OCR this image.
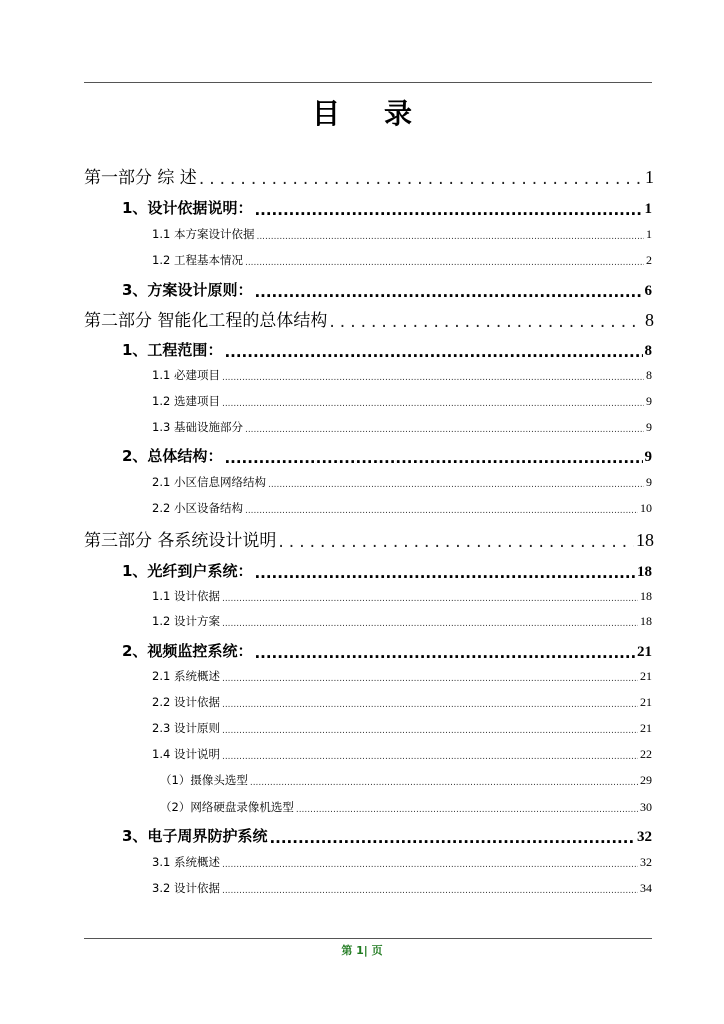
目录
第一部分 综 述 .....	1
1、设计依据说明： .....	1
1.1 本方案设计依据 .....	1
1.2 工程基本情况 .....	2
3、方案设计原则： .....	6
第二部分 智能化工程的总体结构 .....	8
1、工程范围： .....	8
1.1 必建项目 .....	8
1.2 选建项目 .....	9
1.3 基础设施部分 .....	9
2、总体结构： .....	9
2.1 小区信息网络结构 .....	9
2.2 小区设备结构 .....	10
第三部分 各系统设计说明 .....	18
1、光纤到户系统： .....	18
1.1 设计依据 .....	18
1.2 设计方案 .....	18
2、视频监控系统： .....	21
2.1 系统概述 .....	21
2.2 设计依据 .....	21
2.3 设计原则 .....	21
1.4 设计说明 .....	22
（1）摄像头选型 .....	29
（2）网络硬盘录像机选型 .....	30
3、电子周界防护系统 .....	32
3.1 系统概述 .....	32
3.2 设计依据 .....	34
第 1| 页
